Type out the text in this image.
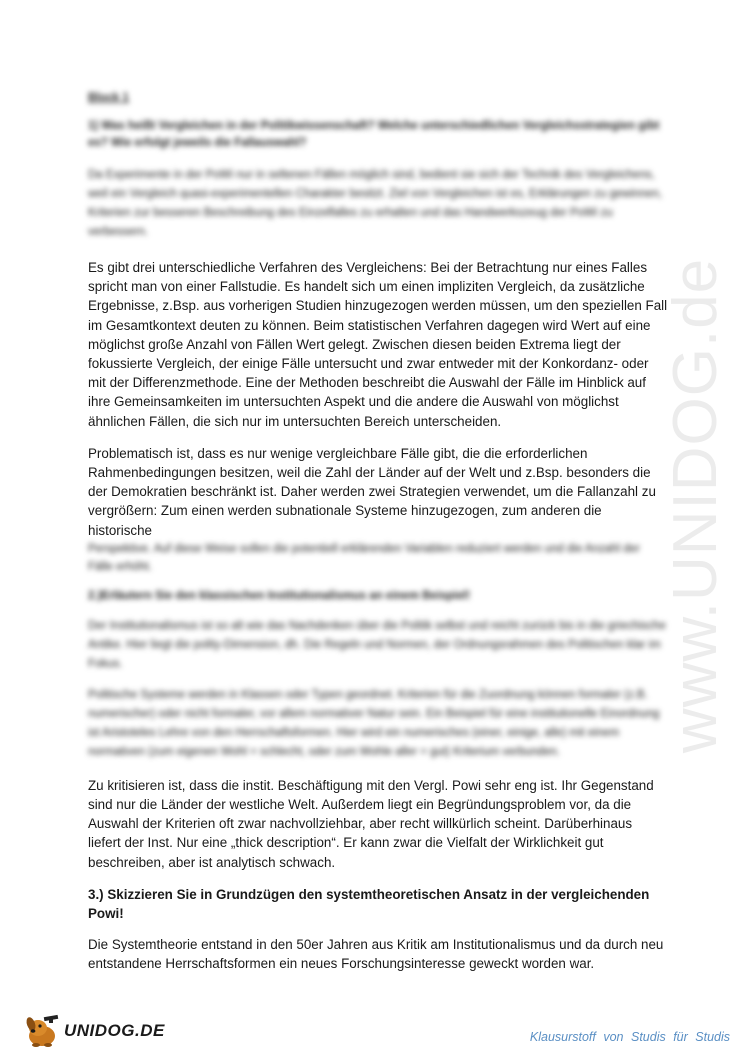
www.UNIDOG.de
Block 1
1) Was heißt Vergleichen in der Politikwissenschaft? Welche unterschiedlichen Vergleichsstrategien gibt es? Wie erfolgt jeweils die Fallauswahl?
Da Experimente in der PoWi nur in seltenen Fällen möglich sind, bedient sie sich der Technik des Vergleichens, weil ein Vergleich quasi-experimentellen Charakter besitzt. Ziel von Vergleichen ist es, Erklärungen zu gewinnen, Kriterien zur besseren Beschreibung des Einzelfalles zu erhalten und das Handwerkszeug der PoWi zu verbessern.

Es gibt drei unterschiedliche Verfahren des Vergleichens: Bei der Betrachtung nur eines Falles spricht man von einer Fallstudie. Es handelt sich um einen impliziten Vergleich, da zusätzliche Ergebnisse, z.Bsp. aus vorherigen Studien hinzugezogen werden müssen, um den speziellen Fall im Gesamtkontext deuten zu können. Beim statistischen Verfahren dagegen wird Wert auf eine möglichst große Anzahl von Fällen Wert gelegt. Zwischen diesen beiden Extrema liegt der fokussierte Vergleich, der einige Fälle untersucht und zwar entweder mit der Konkordanz- oder mit der Differenzmethode. Eine der Methoden beschreibt die Auswahl der Fälle im Hinblick auf ihre Gemeinsamkeiten im untersuchten Aspekt und die andere die Auswahl von möglichst ähnlichen Fällen, die sich nur im untersuchten Bereich unterscheiden.

Problematisch ist, dass es nur wenige vergleichbare Fälle gibt, die die erforderlichen Rahmenbedingungen besitzen, weil die Zahl der Länder auf der Welt und z.Bsp. besonders die der Demokratien beschränkt ist. Daher werden zwei Strategien verwendet, um die Fallanzahl zu vergrößern: Zum einen werden subnationale Systeme hinzugezogen, zum anderen die historische

Perspektive. Auf diese Weise sollen die potentiell erklärenden Variablen reduziert werden und die Anzahl der Fälle erhöht.
2.)Erläutern Sie den klassischen Institutionalismus an einem Beispiel!
Der Institutionalismus ist so alt wie das Nachdenken über die Politik selbst und reicht zurück bis in die griechische Antike. Hier liegt die polity-Dimension, dh. Die Regeln und Normen, der Ordnungsrahmen des Politischen klar im Fokus.
Politische Systeme werden in Klassen oder Typen geordnet. Kriterien für die Zuordnung können formaler (z.B. numerischer) oder nicht formaler, vor allem normativer Natur sein. Ein Beispiel für eine institutionelle Einordnung ist Aristoteles Lehre von den Herrschaftsformen. Hier wird ein numerisches (einer, einige, alle) mit einem normativen (zum eigenen Wohl = schlecht, oder zum Wohle aller = gut) Kriterium verbunden.

Zu kritisieren ist, dass die instit. Beschäftigung mit den Vergl. Powi sehr eng ist. Ihr Gegenstand sind nur die Länder der westliche Welt. Außerdem liegt ein Begründungsproblem vor, da die Auswahl der Kriterien oft zwar nachvollziehbar, aber recht willkürlich scheint. Darüberhinaus liefert der Inst. Nur eine „thick description“. Er kann zwar die Vielfalt der Wirklichkeit gut beschreiben, aber ist analytisch schwach.

3.) Skizzieren Sie in Grundzügen den systemtheoretischen Ansatz in der vergleichenden Powi!

Die Systemtheorie entstand in den 50er Jahren aus Kritik am Institutionalismus und da durch neu entstandene Herrschaftsformen ein neues Forschungsinteresse geweckt worden war.

UNIDOG.DE	Klausurstoff von Studis für Studis
